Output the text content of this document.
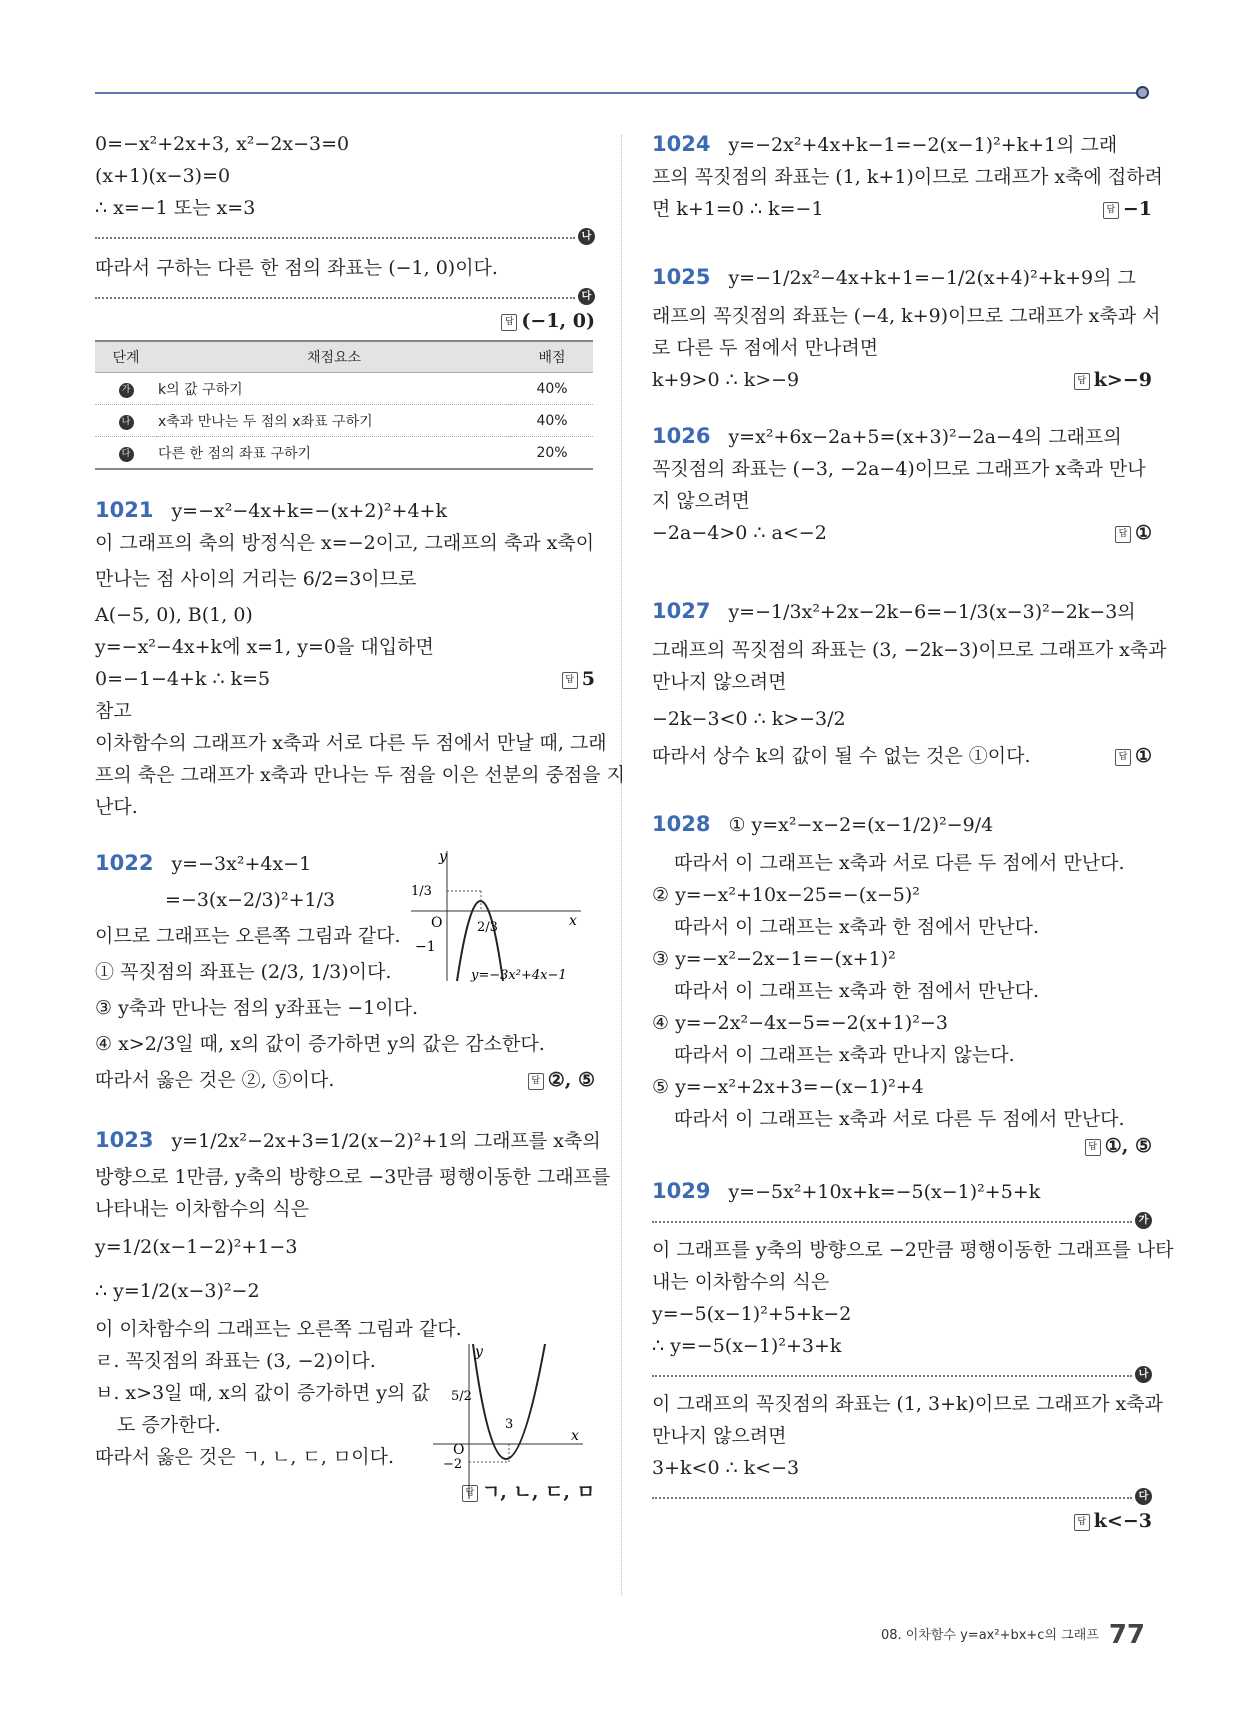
0=−x²+2x+3, x²−2x−3=0
(x+1)(x−3)=0
∴ x=−1 또는 x=3
나
따라서 구하는 다른 한 점의 좌표는 (−1, 0)이다.
다
답 (−1, 0)
단계	채점요소	배점
가	k의 값 구하기	40%
나	x축과 만나는 두 점의 x좌표 구하기	40%
다	다른 한 점의 좌표 구하기	20%
1021 y=−x²−4x+k=−(x+2)²+4+k
이 그래프의 축의 방정식은 x=−2이고, 그래프의 축과 x축이
만나는 점 사이의 거리는 6/2=3이므로
A(−5, 0), B(1, 0)
y=−x²−4x+k에 x=1, y=0을 대입하면
0=−1−4+k ∴ k=5	답 5
참고
이차함수의 그래프가 x축과 서로 다른 두 점에서 만날 때, 그래
프의 축은 그래프가 x축과 만나는 두 점을 이은 선분의 중점을 지
난다.
1022 y=−3x²+4x−1
=−3(x−2/3)²+1/3
이므로 그래프는 오른쪽 그림과 같다.
① 꼭짓점의 좌표는 (2/3, 1/3)이다.
③ y축과 만나는 점의 y좌표는 −1이다.
④ x>2/3일 때, x의 값이 증가하면 y의 값은 감소한다.
따라서 옳은 것은 ②, ⑤이다.	답 ②, ⑤
y
x
O
1/3
2/3
−1
y=−3x²+4x−1
1023 y=1/2x²−2x+3=1/2(x−2)²+1의 그래프를 x축의
방향으로 1만큼, y축의 방향으로 −3만큼 평행이동한 그래프를
나타내는 이차함수의 식은
y=1/2(x−1−2)²+1−3
∴ y=1/2(x−3)²−2
이 이차함수의 그래프는 오른쪽 그림과 같다.
ㄹ. 꼭짓점의 좌표는 (3, −2)이다.
ㅂ. x>3일 때, x의 값이 증가하면 y의 값
도 증가한다.
따라서 옳은 것은 ㄱ, ㄴ, ㄷ, ㅁ이다.
답 ㄱ, ㄴ, ㄷ, ㅁ
y
x
O
5/2
3
−2
1024 y=−2x²+4x+k−1=−2(x−1)²+k+1의 그래
프의 꼭짓점의 좌표는 (1, k+1)이므로 그래프가 x축에 접하려
면 k+1=0 ∴ k=−1	답 −1
1025 y=−1/2x²−4x+k+1=−1/2(x+4)²+k+9의 그
래프의 꼭짓점의 좌표는 (−4, k+9)이므로 그래프가 x축과 서
로 다른 두 점에서 만나려면
k+9>0 ∴ k>−9	답 k>−9
1026 y=x²+6x−2a+5=(x+3)²−2a−4의 그래프의
꼭짓점의 좌표는 (−3, −2a−4)이므로 그래프가 x축과 만나
지 않으려면
−2a−4>0 ∴ a<−2	답 ①
1027 y=−1/3x²+2x−2k−6=−1/3(x−3)²−2k−3의
그래프의 꼭짓점의 좌표는 (3, −2k−3)이므로 그래프가 x축과
만나지 않으려면
−2k−3<0 ∴ k>−3/2
따라서 상수 k의 값이 될 수 없는 것은 ①이다.	답 ①
1028 ① y=x²−x−2=(x−1/2)²−9/4
따라서 이 그래프는 x축과 서로 다른 두 점에서 만난다.
② y=−x²+10x−25=−(x−5)²
따라서 이 그래프는 x축과 한 점에서 만난다.
③ y=−x²−2x−1=−(x+1)²
따라서 이 그래프는 x축과 한 점에서 만난다.
④ y=−2x²−4x−5=−2(x+1)²−3
따라서 이 그래프는 x축과 만나지 않는다.
⑤ y=−x²+2x+3=−(x−1)²+4
따라서 이 그래프는 x축과 서로 다른 두 점에서 만난다.
답 ①, ⑤
1029 y=−5x²+10x+k=−5(x−1)²+5+k
가
이 그래프를 y축의 방향으로 −2만큼 평행이동한 그래프를 나타
내는 이차함수의 식은
y=−5(x−1)²+5+k−2
∴ y=−5(x−1)²+3+k
나
이 그래프의 꼭짓점의 좌표는 (1, 3+k)이므로 그래프가 x축과
만나지 않으려면
3+k<0 ∴ k<−3
다
답 k<−3
08. 이차함수 y=ax²+bx+c의 그래프 77
